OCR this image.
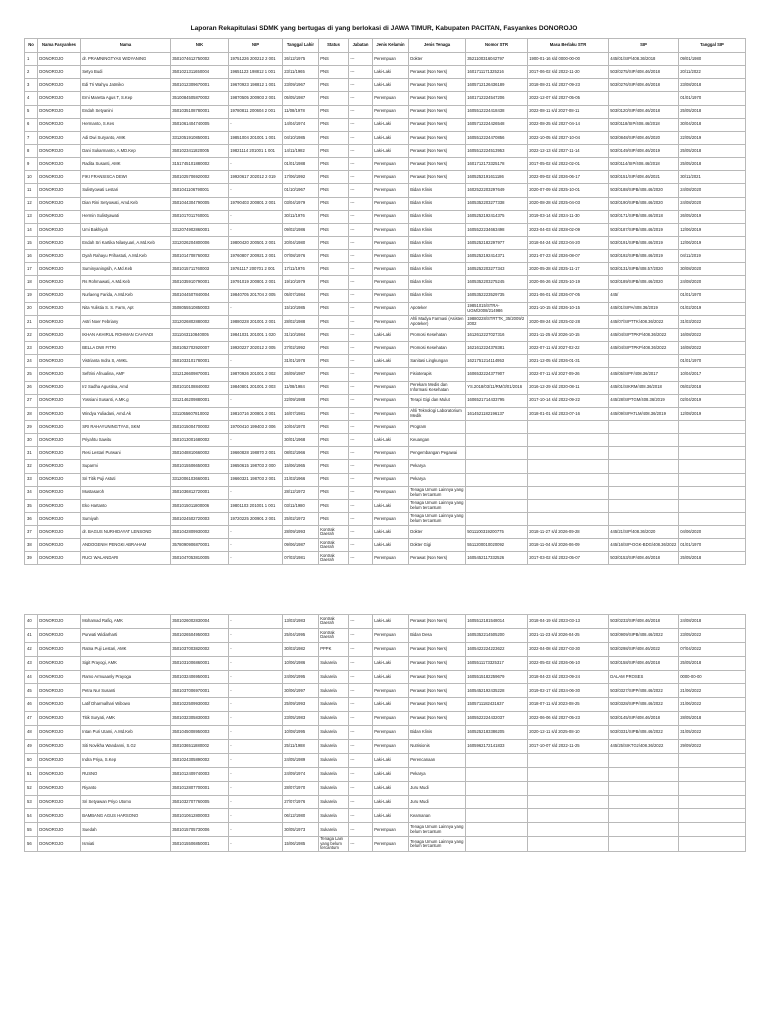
Laporan Rekapitulasi SDMK yang bertugas di yang berlokasi di JAWA TIMUR, Kabupaten PACITAN, Fasyankes DONOROJO
No	Nama Fasyankes	Nama	NIK	NIP	Tanggal Lahir	Status	Jabatan	Jenis Kelamin	Jenis Tenaga	Nomor STR	Masa Berlaku STR	SIP	Tanggal SIP
1	DONOROJO	dr. PRAMNINGTYAS WIDYANING	3501074612750002	19751226 200212 2 001	26/12/1975	PNS	---	Perempuan	Dokter	3521100316042797	1900-01-16 s/d 0000-00-00	445/01/SIP/408.36/2018	09/01/1980
2	DONOROJO	Setyo Budi	3501021311650004	19651123 198812 1 001	23/11/1965	PNS	---	Laki-Laki	Perawat (Non Ners)	1601711171325216	2017-06-02 s/d 2022-11-20	503/0275/SIP/408.46/2018	20/11/2022
3	DONOROJO	Edi Tri Wahyu Jatmiko	3501012309670001	19670923 198812 1 001	23/09/1967	PNS	---	Laki-Laki	Perawat (Non Ners)	1605712126436189	2018-08-21 s/d 2027-09-23	503/0276/SIP/408.46/2018	23/08/2018
4	DONOROJO	Erni Maretta Agus T, S.Kep	3510084505870002	19870505 200903 2 001	05/05/1987	PNS	---	Perempuan	Perawat (Non Ners)	1601712224547206	2022-12-07 s/d 2027-05-05		01/01/1970
5	DONOROJO	Endah Setyanini	3501035108780001	19780811 200604 2 001	11/08/1978	PNS	---	Perempuan	Perawat (Non Ners)	1605512224418438	2022-08-11 s/d 2027-08-11	503/0120/SIP/408.46/2018	25/05/2018
6	DONOROJO	Hermanto, S.Kes	3501061404740005	-	14/04/1974	PNS	---	Laki-Laki	Perawat (Non Ners)	1605712224426548	2022-08-25 s/d 2027-04-14	503/0118/SIP/408.46/2018	30/04/2018
7	DONOROJO	Adi Dwi Suryanto, AMK	3312051910850001	19851004 201001 1 001	04/10/1985	PNS	---	Laki-Laki	Perawat (Non Ners)	1605512224470856	2022-10-05 s/d 2027-10-04	503/0848/SIP/408.46/2020	22/05/2019
8	DONOROJO	Dani Sukarmanto, A.MD.Kep	3501023411820005	19821114 201001 1 001	14/11/1982	PNS	---	Laki-Laki	Perawat (Non Ners)	1605512224513953	2022-12-13 s/d 2027-11-14	503/0149/SIP/408.46/2019	25/05/2018
9	DONOROJO	Radita Susanti, AMK	3151745101880002	-	01/01/1988	PNS	---	Perempuan	Perawat (Non Ners)	1601712173325178	2017-05-02 s/d 2022-02-01	503/0114/SIP/408.46/2018	25/05/2018
10	DONOROJO	FIKI FRANSISCA DEWI	3501025706920002	19920617 202012 2 019	17/06/1992	PNS	---	Perempuan	Perawat (Non Ners)	1605252191611186	2022-09-02 s/d 2026-06-17	503/0151/SIP/408.46/2021	30/11/2021
11	DONOROJO	Sulistyowati Lestari	3501041106790001	-	01/10/1967	PNS	---	Perempuan	Bidan Klinis	1602522203297649	2020-07-09 s/d 2025-10-01	503/0188/SIPB/408.46/2020	24/08/2020
12	DONOROJO	Dian Rini Setyowati, Amd.Keb	3501044304790005	19790403 200801 2 001	03/04/1979	PNS	---	Perempuan	Bidan Klinis	1605352203277338	2020-08-28 s/d 2025-04-03	503/0190/SIPB/408.46/2020	24/08/2020
13	DONOROJO	Hermin Sulistyawati	3501017011760001	-	30/11/1976	PNS	---	Perempuan	Bidan Klinis	1605252192414375	2019-03-14 s/d 2024-11-30	503/0171/SIPB/408.46/2018	26/05/2019
14	DONOROJO	Umi Bakhiyah	3312074902860001	-	09/02/1986	PNS	---	Perempuan	Bidan Klinis	1605522234663498	2023-04-03 s/d 2028-02-09	503/0187/SIPB/408.46/2019	12/06/2019
15	DONOROJO	Endah Sri Kartika Nilasyuari, A.Md.Keb	3312026204800006	19800420 200501 2 001	20/04/1980	PNS	---	Perempuan	Bidan Klinis	1605252182297977	2018-04-24 s/d 2023-04-20	503/0191/SIPB/408.46/2019	12/06/2019
16	DONOROJO	Dyah Rahayu Prihastuti, A.Md.Keb	3501014708760002	19760807 200921 2 001	07/08/1976	PNS	---	Perempuan	Bidan Klinis	1605252192414371	2021-07-23 s/d 2026-08-07	503/0192/SIPB/408.46/2019	04/11/2019
17	DONOROJO	Suminyaningsih, A.Md.Keb	3501015711760003	19761117 200701 2 001	17/11/1976	PNS	---	Perempuan	Bidan Klinis	1605252203277343	2020-05-28 s/d 2025-11-17	503/0131/SIPB/408.57/2020	30/08/2020
18	DONOROJO	Rs Rohmawati, A.Md.Keb	3501035910790001	19791019 200801 2 001	19/10/1979	PNS	---	Perempuan	Bidan Klinis	1605352203275245	2020-06-26 s/d 2025-10-19	503/0189/SIPB/408.46/2020	24/08/2020
19	DONOROJO	Nurlaeng Farida, A.Md.Keb	3501044507840004	19840705 201704 2 005	05/07/1984	PNS	---	Perempuan	Bidan Klinis	1605352223529735	2021-06-01 s/d 2026-07-05	445/	01/01/1970
20	DONOROJO	Nita Yulistia S. S. Farm, Apt	3508055510850003	-	15/10/1985	PNS	---	Perempuan	Apoteker	19851015/STRA-UGM/2008/214986	2021-10-15 s/d 2026-10-15	445/01/SIPA/408.36/2019	01/02/2019
21	DONOROJO	Astri Noer Febriany	3312026802880002	19880228 201001 2 001	28/02/1988	PNS	---	Perempuan	Ahli Madya Farmasi (Asisten Apoteker)	19880228/STRTTK_35/2009/22002	2020-08-24 s/d 2025-02-28	445/07/SIPTTK/408.36/2022	31/03/2022
22	DONOROJO	IKHAN AKHIRUL ROHMAN CAHYADI	3311043110840005	19841031 201001 1 020	31/10/1984	PNS	---	Laki-Laki	Promosi Kesehatan	1612612227027316	2021-11-25 s/d 2026-10-15	445/04/SIPTPKP/408.36/2022	16/08/2022
23	DONOROJO	BELLA DWI FITRI	3501052702920007	19920227 202012 2 005	27/02/1992	PNS	---	Perempuan	Promosi Kesehatan	1621612224378381	2022-07-11 s/d 2027-02-22	445/04/SIPTPKP/408.36/2022	16/08/2022
24	DONOROJO	Vistrianta Indra S, AMKL	3501033101780001	-	31/01/1978	PNS	---	Laki-Laki	Sanitasi Lingkungan	1621751214114953	2021-12-05 s/d 2026-01-31		01/01/1970
25	DONOROJO	Seftrini Afnualina, AMF	3312126609870001	19870926 201001 2 002	26/09/1987	PNS	---	Perempuan	Fisioterapis	1606532224377907	2022-07-11 s/d 2027-09-26	445/05/SIPF/408.36/2017	10/04/2017
26	DONOROJO	Irz Sadha Agustina, Amd	3501010108840002	19840801 201001 2 003	11/08/1984	PNS	---	Perempuan	Perekam Medis dan Informasi Kesehatan	YS.2018/03/11/RM/3/01/2016	2016-12-29 s/d 2020-08-11	445/01/SIKRM/408.36/2018	05/02/2018
27	DONOROJO	Yossiani Susanti, A.MK.g	3312146209880001	-	22/09/1988	PNS	---	Perempuan	Terapi Gigi dan Mulut	1606521714433795	2017-10-14 s/d 2022-09-22	445/28/SIPTGM/408.36/2019	02/04/2019
28	DONOROJO	Windya Yuliadani, Amd.Ak	3311055607810002	19810716 200801 2 001	16/07/1981	PNS	---	Perempuan	Ahli Teknologi Laboratorium Medik	1614521182196137	2018-01-01 s/d 2023-07-16	445/09/SIPATLM/408.36/2019	12/08/2019
29	DONOROJO	SRI RAHAYUNINGTYAS, SKM	3501015004700002	19700410 199403 2 006	10/04/1970	PNS	---	Perempuan	Program				
30	DONOROJO	Priyahtu Sawitu	3501013001680002	-	30/01/1968	PNS	---	Laki-Laki	Keuangan				
31	DONOROJO	Resi Lestari Purwani	3501048810660002	19660828 198870 2 001	08/02/1966	PNS	---	Perempuan	Pengembangan Pegawai				
32	DONOROJO	Suparmi	3501015506650003	19650615 198703 2 000	15/06/1965	PNS	---	Perempuan	Pekarya				
33	DONOROJO	Sri Titik Puji Astuti	3312006103660001	19660321 198703 2 001	21/03/1966	PNS	---	Perempuan	Pekarya				
34	DONOROJO	Mustasaroh	3501036812720001	-	28/12/1972	PNS	---	Perempuan	Tenaga Umum Lainnya yang belum tercantum				
35	DONOROJO	Eko Hartanto	3501015011800006	19801103 201001 1 001	03/11/1980	PNS	---	Laki-Laki	Tenaga Umum Lainnya yang belum tercantum				
36	DONOROJO	Sumiyah	3501024502720003	19720225 200901 2 001	25/02/1972	PNS	---	Perempuan	Tenaga Umum Lainnya yang belum tercantum				
37	DONOROJO	dr. BAGUS NURHIDAYAT LENSOND	3501042809930002	-	28/09/1993	Kontrak Daerah	---	Laki-Laki	Dokter	5011100319200775	2018-11-27 s/d 2026-09-28	445/21/SIP/408.36/2020	04/06/2020
38	DONOROJO	ANDOGENIH PENGKI ABRAHAM	3578090906870001	-	09/06/1987	Kontrak Daerah	---	Laki-Laki	Dokter Gigi	5511200010020092	2018-11-04 s/d 2026-06-09	445/16/SIP-DGK-BDG/408.36/2022	01/01/1970
39	DONOROJO	RUCI WALANDARI	3501047053810005	-	07/03/1981	Kontrak Daerah	---	Perempuan	Perawat (Non Ners)	1605452117332526	2017-03-02 s/d 2022-05-07	503/0153/SIP/408.46/2018	25/05/2018
40	DONOROJO	Mohamad Rafiq, AMK	3501026002830004	-	13/03/1983	Kontrak Daerah	---	Laki-Laki	Perawat (Non Ners)	1605512181548014	2018-04-19 s/d 2023-03-13	503/0233/SIP/408.46/2018	24/08/2018
41	DONOROJO	Purwati Widiarharti	3501026504950003	-	25/04/1995	Kontrak Daerah	---	Perempuan	Bidan Desa	1605352214505200	2021-11-23 s/d 2026-04-25	503/0909/SIPB/408.46/2022	23/05/2022
42	DONOROJO	Ratna Puji Lestari, AMK	3501037003820002	-	30/03/1982	PPPK	---	Perempuan	Perawat (Non Ners)	1605422224223622	2022-04-08 s/d 2027-03-30	503/0298/SIP/408.46/2022	07/04/2022
43	DONOROJO	Sigit Prayogi, AMK	3501031006860001	-	10/06/1986	Sukarela	---	Laki-Laki	Perawat (Non Ners)	1605511173325317	2022-05-02 s/d 2026-06-10	503/0158/SIP/408.46/2018	25/05/2018
44	DONOROJO	Ramo Armuaanly Prayoga	3501032406950001	-	24/06/1995	Sukarela	---	Laki-Laki	Perawat (Non Ners)	1605515182259679	2018-04-23 s/d 2023-09-24	DALAM PROSES	0000-00-00
45	DONOROJO	Petra Nur Susanti	3501037006970001	-	30/06/1997	Sukarela	---	Perempuan	Perawat (Non Ners)	1605452192435228	2019-02-17 s/d 2024-06-30	503/0327/SIPP/408.46/2022	21/06/2022
46	DONOROJO	Latif Dharmalhari Wibowo	3501022509930002	-	25/09/1993	Sukarela	---	Laki-Laki	Perawat (Non Ners)	1505711182431637	2018-07-11 s/d 2023-08-25	503/0328/SIPP/408.46/2022	21/06/2022
47	DONOROJO	Titik Suryati, AMK	3501032305830003	-	23/05/1983	Sukarela	---	Perempuan	Perawat (Non Ners)	1605522224432037	2022-06-06 s/d 2027-05-23	503/0145/SIP/408.46/2018	28/05/2018
48	DONOROJO	Intan Puri Utami, A.Md.Keb	3501045008950003	-	10/08/1995	Sukarela	---	Perempuan	Bidan Klinis	1605252183386205	2020-12-11 s/d 2025-08-10	503/0331/SIPB/408.46/2022	31/05/2022
49	DONOROJO	Siti Novikha Wandanni, S.Gz	3501036511880002	-	25/11/1988	Sukarela	---	Perempuan	Nutrisionis	1605962172141833	2017-10-07 s/d 2022-11-25	445/25/SIKTGz/408.36/2022	29/09/2022
50	DONOROJO	Indra Priya, S.Kep	3501024305890002	-	24/05/1989	Sukarela	---	Laki-Laki	Perencanaan				
51	DONOROJO	RUSNO	3501012409740003	-	24/09/1974	Sukarela	---	Laki-Laki	Pekarya				
52	DONOROJO	Riyanto	3501012807700001	-	28/07/1970	Sukarela	---	Laki-Laki	Juru Mudi				
53	DONOROJO	Sri Setyawan Priyo Utomo	3501032707760005	-	27/07/1976	Sukarela	---	Laki-Laki	Juru Mudi				
54	DONOROJO	BAMBANG AGUS HARSONO	3501010612800003	-	06/12/1980	Sukarela	---	Laki-Laki	Keamanan				
55	DONOROJO	Suedah	3501015705730006	-	30/05/1973	Sukarela	---	Perempuan	Tenaga Umum Lainnya yang belum tercantum				
56	DONOROJO	Ismiati	3501015506850001	-	15/06/1985	Tenaga Lain yang belum tercantum	---	Perempuan	Tenaga Umum Lainnya yang belum tercantum				
